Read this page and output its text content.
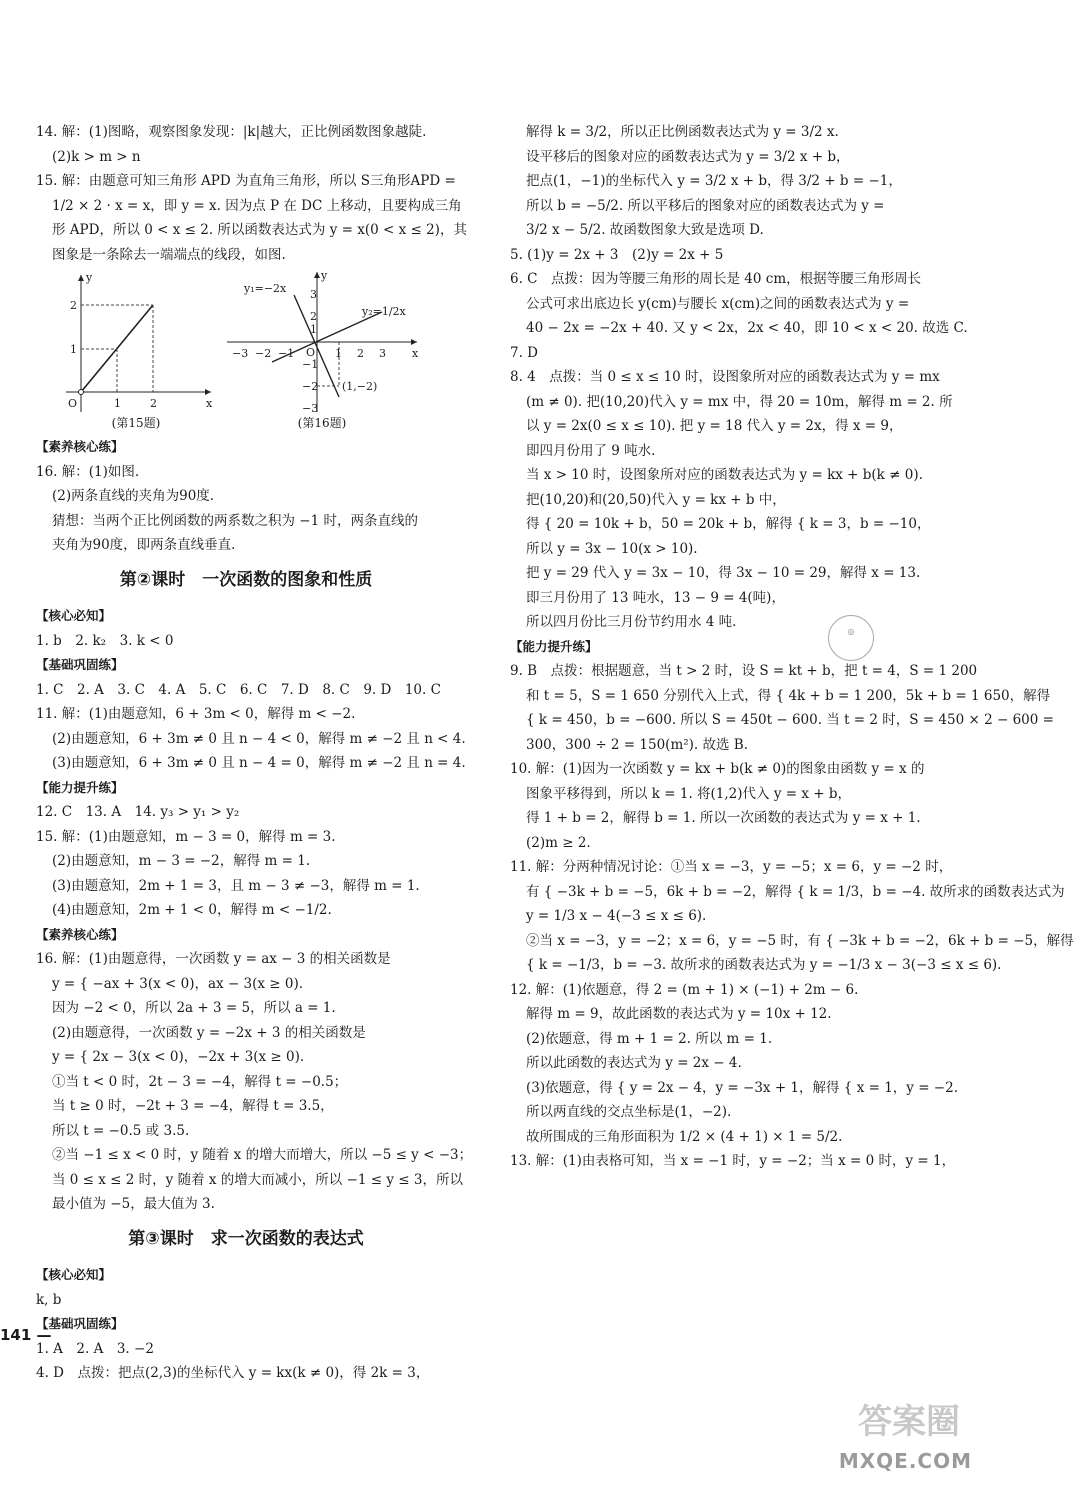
14. 解：(1)图略，观察图象发现：|k|越大，正比例函数图象越陡.
(2)k > m > n
15. 解：由题意可知三角形 APD 为直角三角形，所以 S三角形APD =
1/2 × 2 · x = x，即 y = x. 因为点 P 在 DC 上移动，且要构成三角
形 APD，所以 0 < x ≤ 2. 所以函数表达式为 y = x(0 < x ≤ 2)，其
图象是一条除去一端端点的线段，如图.
y
x
O
1
2
1	2
(第15题)
y
x
O
3
2
1
−1
−2
−3
−3 −2 −1	1 2 3
y₁=−2x
y₂=1/2x
(1,−2)
(第16题)
【素养核心练】
16. 解：(1)如图.
(2)两条直线的夹角为90度.
猜想：当两个正比例函数的两系数之积为 −1 时，两条直线的
夹角为90度，即两条直线垂直.
第②课时　一次函数的图象和性质
【核心必知】
1. b　2. k₂　3. k < 0
【基础巩固练】
1. C　2. A　3. C　4. A　5. C　6. C　7. D　8. C　9. D　10. C
11. 解：(1)由题意知，6 + 3m < 0，解得 m < −2.
(2)由题意知，6 + 3m ≠ 0 且 n − 4 < 0，解得 m ≠ −2 且 n < 4.
(3)由题意知，6 + 3m ≠ 0 且 n − 4 = 0，解得 m ≠ −2 且 n = 4.
【能力提升练】
12. C　13. A　14. y₃ > y₁ > y₂
15. 解：(1)由题意知，m − 3 = 0，解得 m = 3.
(2)由题意知，m − 3 = −2，解得 m = 1.
(3)由题意知，2m + 1 = 3，且 m − 3 ≠ −3，解得 m = 1.
(4)由题意知，2m + 1 < 0，解得 m < −1/2.
【素养核心练】
16. 解：(1)由题意得，一次函数 y = ax − 3 的相关函数是
y = { −ax + 3(x < 0)，ax − 3(x ≥ 0).
因为 −2 < 0，所以 2a + 3 = 5，所以 a = 1.
(2)由题意得，一次函数 y = −2x + 3 的相关函数是
y = { 2x − 3(x < 0)，−2x + 3(x ≥ 0).
①当 t < 0 时，2t − 3 = −4，解得 t = −0.5；
当 t ≥ 0 时，−2t + 3 = −4，解得 t = 3.5，
所以 t = −0.5 或 3.5.
②当 −1 ≤ x < 0 时，y 随着 x 的增大而增大，所以 −5 ≤ y < −3；
当 0 ≤ x ≤ 2 时，y 随着 x 的增大而减小，所以 −1 ≤ y ≤ 3，所以
最小值为 −5，最大值为 3.
第③课时　求一次函数的表达式
【核心必知】
k, b
【基础巩固练】
1. A　2. A　3. −2
4. D　点拨：把点(2,3)的坐标代入 y = kx(k ≠ 0)，得 2k = 3，
141 —
解得 k = 3/2，所以正比例函数表达式为 y = 3/2 x.
设平移后的图象对应的函数表达式为 y = 3/2 x + b，
把点(1，−1)的坐标代入 y = 3/2 x + b，得 3/2 + b = −1，
所以 b = −5/2. 所以平移后的图象对应的函数表达式为 y =
3/2 x − 5/2. 故函数图象大致是选项 D.
5. (1)y = 2x + 3　(2)y = 2x + 5
6. C　点拨：因为等腰三角形的周长是 40 cm，根据等腰三角形周长
公式可求出底边长 y(cm)与腰长 x(cm)之间的函数表达式为 y =
40 − 2x = −2x + 40. 又 y < 2x，2x < 40，即 10 < x < 20. 故选 C.
7. D
8. 4　点拨：当 0 ≤ x ≤ 10 时，设图象所对应的函数表达式为 y = mx
(m ≠ 0). 把(10,20)代入 y = mx 中，得 20 = 10m，解得 m = 2. 所
以 y = 2x(0 ≤ x ≤ 10). 把 y = 18 代入 y = 2x，得 x = 9，
即四月份用了 9 吨水.
当 x > 10 时，设图象所对应的函数表达式为 y = kx + b(k ≠ 0).
把(10,20)和(20,50)代入 y = kx + b 中，
得 { 20 = 10k + b，50 = 20k + b，解得 { k = 3，b = −10，
所以 y = 3x − 10(x > 10).
把 y = 29 代入 y = 3x − 10，得 3x − 10 = 29，解得 x = 13.
即三月份用了 13 吨水，13 − 9 = 4(吨)，
所以四月份比三月份节约用水 4 吨.
【能力提升练】
9. B　点拨：根据题意，当 t > 2 时，设 S = kt + b，把 t = 4，S = 1 200
和 t = 5，S = 1 650 分别代入上式，得 { 4k + b = 1 200，5k + b = 1 650，解得
{ k = 450，b = −600. 所以 S = 450t − 600. 当 t = 2 时，S = 450 × 2 − 600 =
300，300 ÷ 2 = 150(m²). 故选 B.
10. 解：(1)因为一次函数 y = kx + b(k ≠ 0)的图象由函数 y = x 的
图象平移得到，所以 k = 1. 将(1,2)代入 y = x + b，
得 1 + b = 2，解得 b = 1. 所以一次函数的表达式为 y = x + 1.
(2)m ≥ 2.
11. 解：分两种情况讨论：①当 x = −3，y = −5；x = 6，y = −2 时，
有 { −3k + b = −5，6k + b = −2，解得 { k = 1/3，b = −4. 故所求的函数表达式为
y = 1/3 x − 4(−3 ≤ x ≤ 6).
②当 x = −3，y = −2；x = 6，y = −5 时，有 { −3k + b = −2，6k + b = −5，解得
{ k = −1/3，b = −3. 故所求的函数表达式为 y = −1/3 x − 3(−3 ≤ x ≤ 6).
12. 解：(1)依题意，得 2 = (m + 1) × (−1) + 2m − 6.
解得 m = 9，故此函数的表达式为 y = 10x + 12.
(2)依题意，得 m + 1 = 2. 所以 m = 1.
所以此函数的表达式为 y = 2x − 4.
(3)依题意，得 { y = 2x − 4，y = −3x + 1，解得 { x = 1，y = −2.
所以两直线的交点坐标是(1，−2).
故所围成的三角形面积为 1/2 × (4 + 1) × 1 = 5/2.
13. 解：(1)由表格可知，当 x = −1 时，y = −2；当 x = 0 时，y = 1，
◎
答案圈
MXQE.COM
